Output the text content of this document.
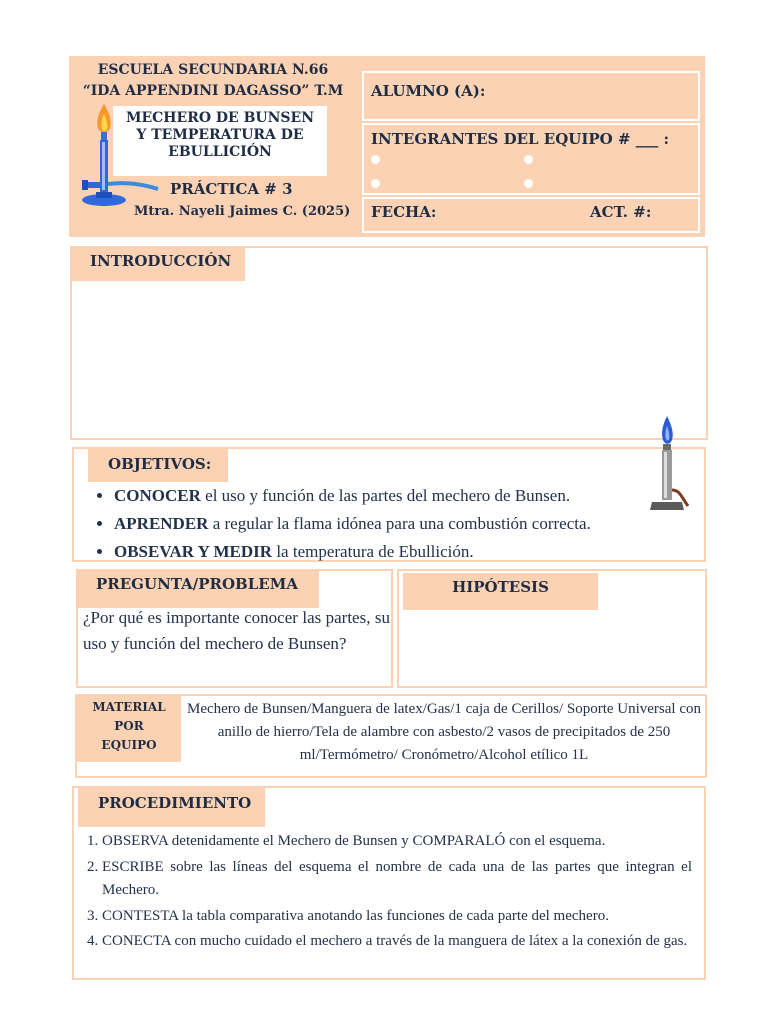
ESCUELA SECUNDARIA N.66
“IDA APPENDINI DAGASSO” T.M
MECHERO DE BUNSEN
Y TEMPERATURA DE
EBULLICIÓN
PRÁCTICA # 3
Mtra. Nayeli Jaimes C. (2025)
ALUMNO (A):
INTEGRANTES DEL EQUIPO # ___ :
FECHA:	ACT. #:
INTRODUCCIÓN
OBJETIVOS:
• CONOCER el uso y función de las partes del mechero de Bunsen.
• APRENDER a regular la flama idónea para una combustión correcta.
• OBSEVAR Y MEDIR la temperatura de Ebullición.
PREGUNTA/PROBLEMA
¿Por qué es importante conocer las partes, su uso y función del mechero de Bunsen?
HIPÓTESIS
MATERIAL
POR
EQUIPO
Mechero de Bunsen/Manguera de latex/Gas/1 caja de Cerillos/ Soporte Universal con anillo de hierro/Tela de alambre con asbesto/2 vasos de precipitados de 250 ml/Termómetro/ Cronómetro/Alcohol etílico 1L
PROCEDIMIENTO
1. OBSERVA detenidamente el Mechero de Bunsen y COMPARALÓ con el esquema.
2. ESCRIBE sobre las líneas del esquema el nombre de cada una de las partes que integran el Mechero.
3. CONTESTA la tabla comparativa anotando las funciones de cada parte del mechero.
4. CONECTA con mucho cuidado el mechero a través de la manguera de látex a la conexión de gas.
